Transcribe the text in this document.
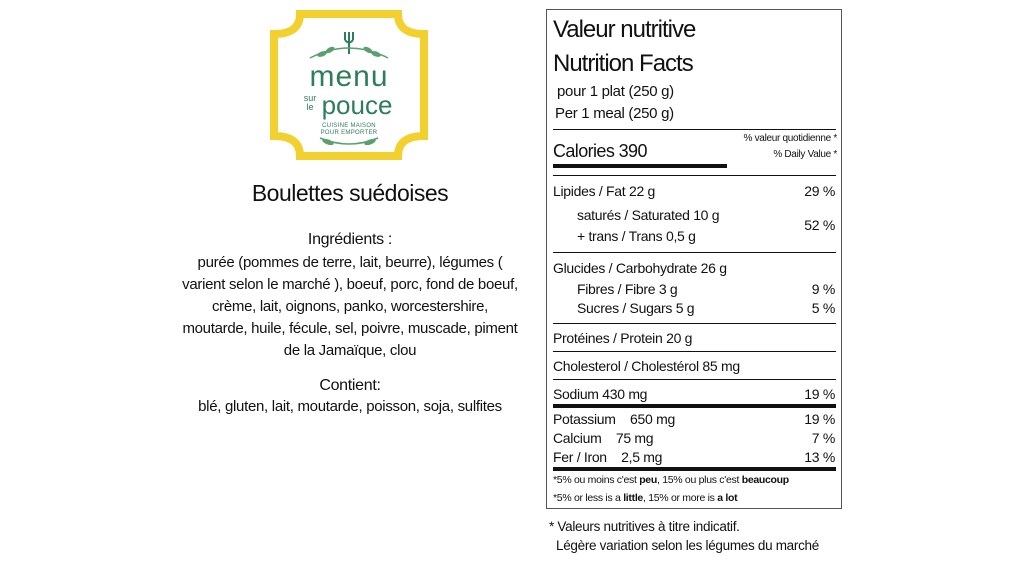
menu
sur le pouce
CUISINE MAISON
POUR EMPORTER
Boulettes suédoises
Ingrédients :
purée (pommes de terre, lait, beurre), légumes ( varient selon le marché ), boeuf, porc, fond de boeuf, crème, lait, oignons, panko, worcestershire, moutarde, huile, fécule, sel, poivre, muscade, piment de la Jamaïque, clou
Contient:
blé, gluten, lait, moutarde, poisson, soja, sulfites
Valeur nutritive
Nutrition Facts
pour 1 plat (250 g)
Per 1 meal (250 g)
% valeur quotidienne *
% Daily Value *
Calories 390
Lipides / Fat 22 g	29 %
saturés / Saturated 10 g
+ trans / Trans 0,5 g
52 %
Glucides / Carbohydrate 26 g
Fibres / Fibre 3 g	9 %
Sucres / Sugars 5 g	5 %
Protéines / Protein 20 g
Cholesterol / Cholestérol 85 mg
Sodium 430 mg	19 %
Potassium 650 mg	19 %
Calcium 75 mg	7 %
Fer / Iron 2,5 mg	13 %
*5% ou moins c'est peu, 15% ou plus c'est beaucoup
*5% or less is a little, 15% or more is a lot
* Valeurs nutritives à titre indicatif.
Légère variation selon les légumes du marché
